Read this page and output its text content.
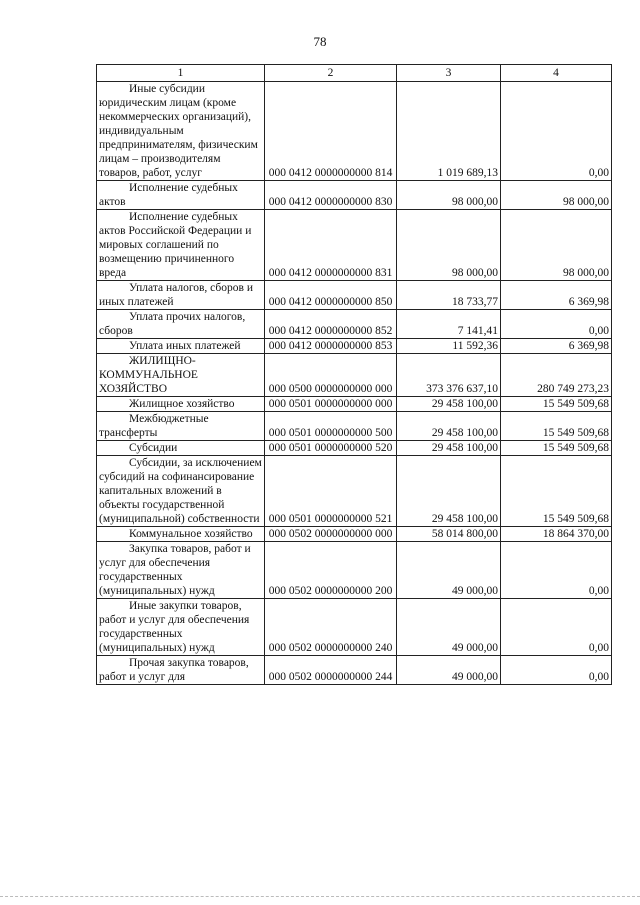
78
1	2	3	4
Иные субсидии юридическим лицам (кроме некоммерческих организаций), индивидуальным предпринимателям, физическим лицам – производителям товаров, работ, услуг	000 0412 0000000000 814	1 019 689,13	0,00
Исполнение судебных актов	000 0412 0000000000 830	98 000,00	98 000,00
Исполнение судебных актов Российской Федерации и мировых соглашений по возмещению причиненного вреда	000 0412 0000000000 831	98 000,00	98 000,00
Уплата налогов, сборов и иных платежей	000 0412 0000000000 850	18 733,77	6 369,98
Уплата прочих налогов, сборов	000 0412 0000000000 852	7 141,41	0,00
Уплата иных платежей	000 0412 0000000000 853	11 592,36	6 369,98
ЖИЛИЩНО-КОММУНАЛЬНОЕ ХОЗЯЙСТВО	000 0500 0000000000 000	373 376 637,10	280 749 273,23
Жилищное хозяйство	000 0501 0000000000 000	29 458 100,00	15 549 509,68
Межбюджетные трансферты	000 0501 0000000000 500	29 458 100,00	15 549 509,68
Субсидии	000 0501 0000000000 520	29 458 100,00	15 549 509,68
Субсидии, за исключением субсидий на софинансирование капитальных вложений в объекты государственной (муниципальной) собственности	000 0501 0000000000 521	29 458 100,00	15 549 509,68
Коммунальное хозяйство	000 0502 0000000000 000	58 014 800,00	18 864 370,00
Закупка товаров, работ и услуг для обеспечения государственных (муниципальных) нужд	000 0502 0000000000 200	49 000,00	0,00
Иные закупки товаров, работ и услуг для обеспечения государственных (муниципальных) нужд	000 0502 0000000000 240	49 000,00	0,00
Прочая закупка товаров, работ и услуг для	000 0502 0000000000 244	49 000,00	0,00
